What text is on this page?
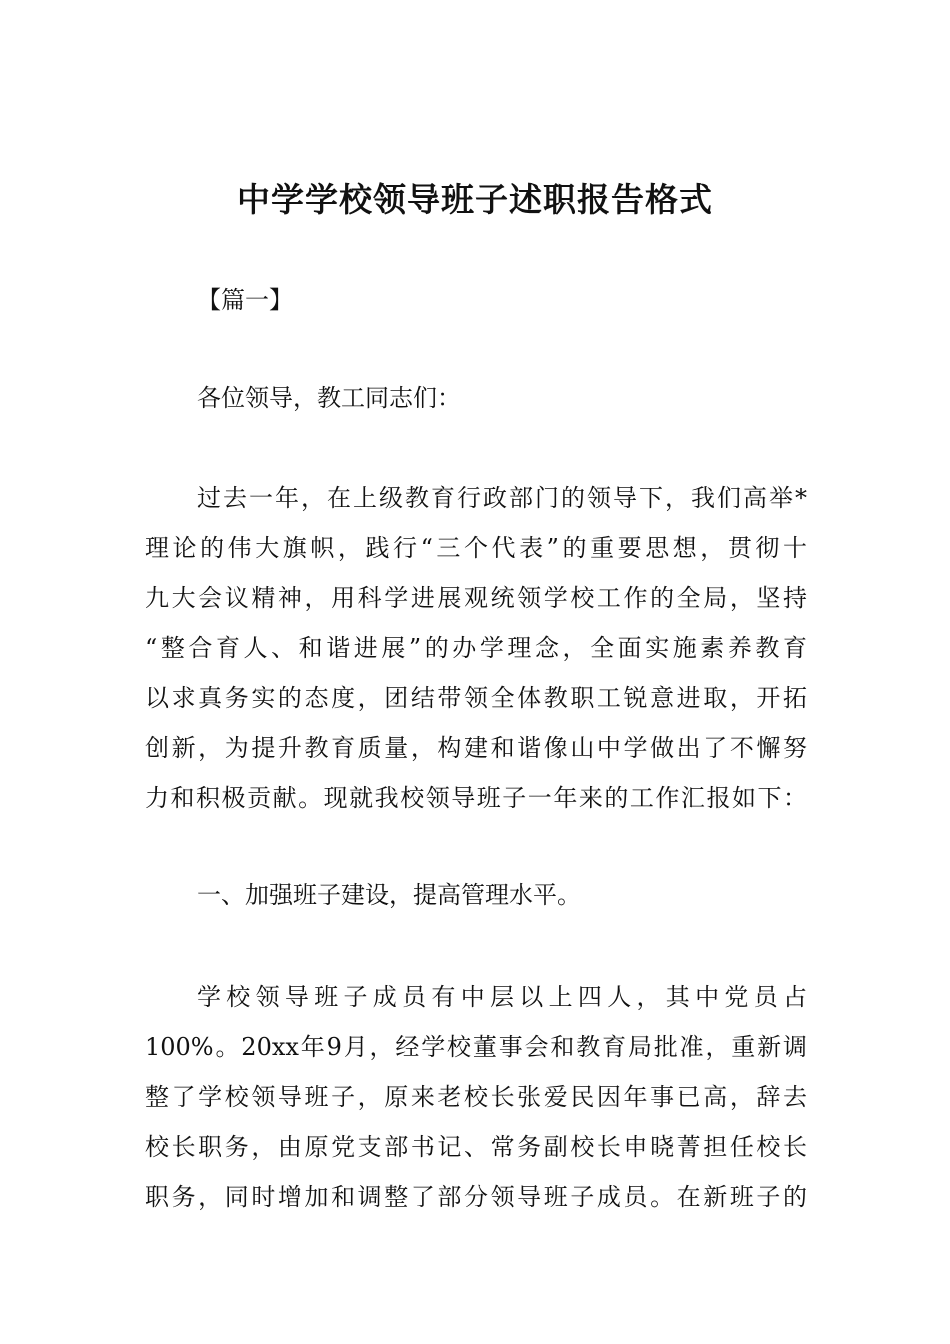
中学学校领导班子述职报告格式
【篇一】
各位领导，教工同志们：
过去一年，在上级教育行政部门的领导下，我们高举*
理论的伟大旗帜，践行“三个代表”的重要思想，贯彻十
九大会议精神，用科学进展观统领学校工作的全局，坚持
“整合育人、和谐进展”的办学理念，全面实施素养教育
以求真务实的态度，团结带领全体教职工锐意进取，开拓
创新，为提升教育质量，构建和谐像山中学做出了不懈努
力和积极贡献。现就我校领导班子一年来的工作汇报如下：
一、加强班子建设，提高管理水平。
学校领导班子成员有中层以上四人，其中党员占
100%。20xx年9月，经学校董事会和教育局批准，重新调
整了学校领导班子，原来老校长张爱民因年事已高，辞去
校长职务，由原党支部书记、常务副校长申晓菁担任校长
职务，同时增加和调整了部分领导班子成员。在新班子的
